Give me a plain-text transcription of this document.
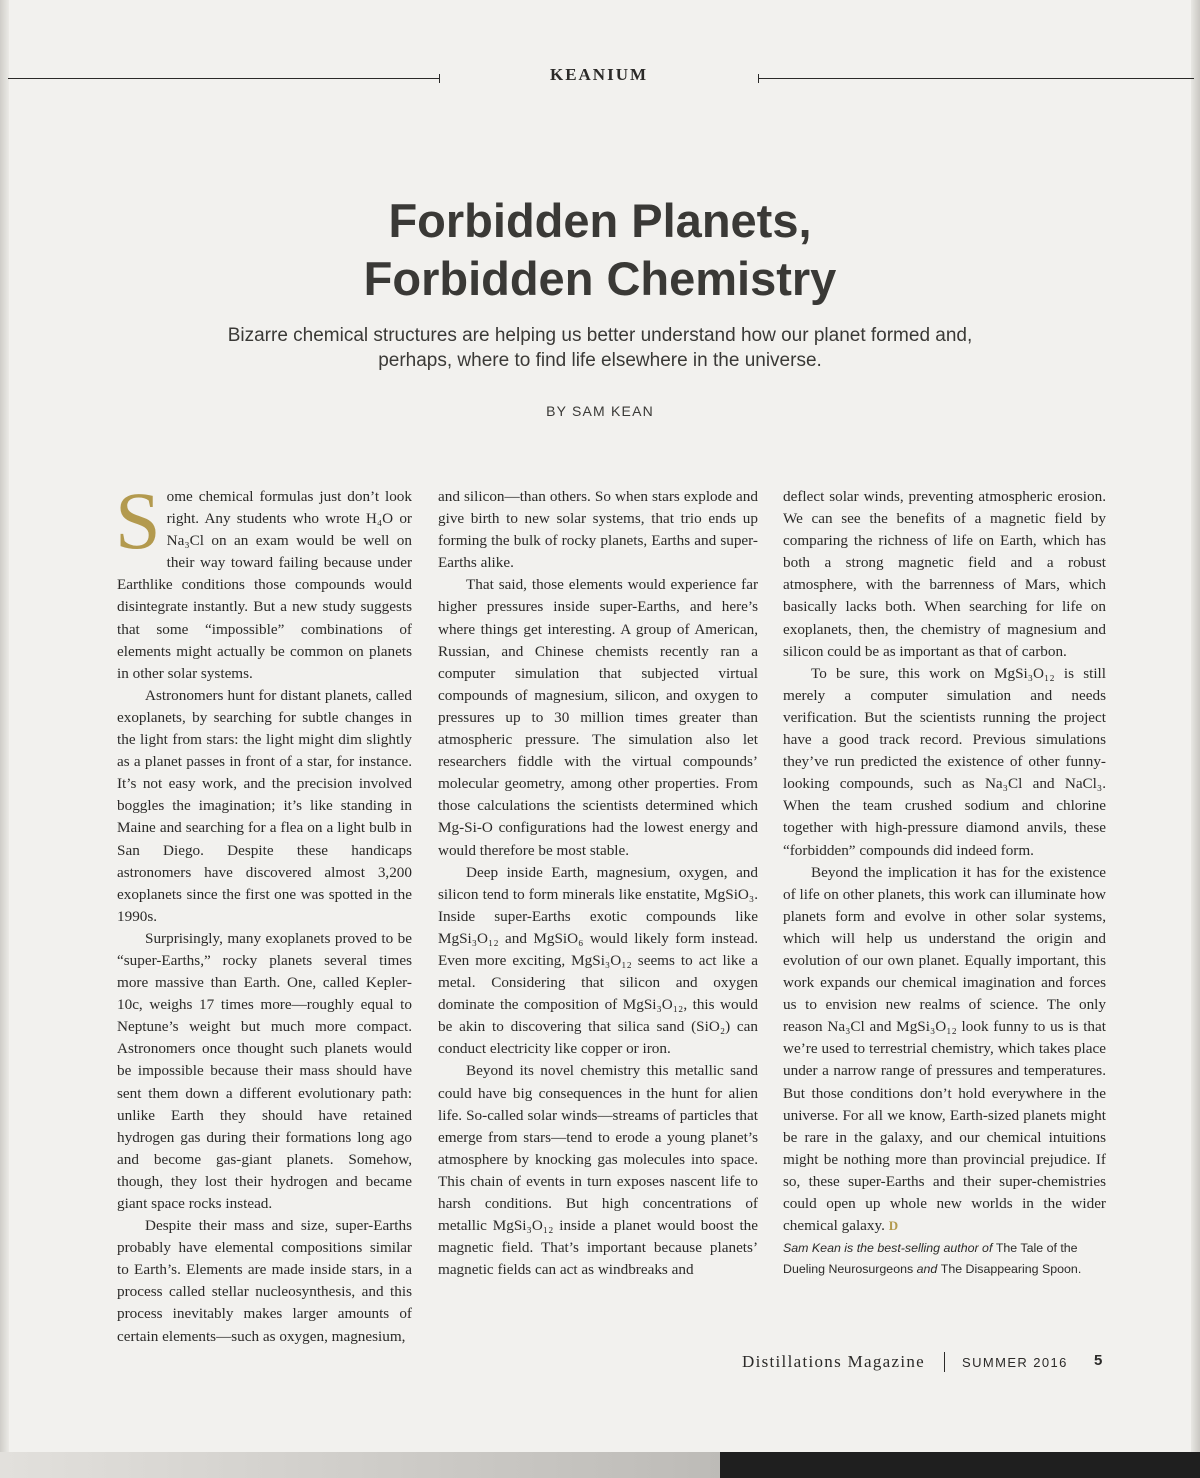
KEANIUM
Forbidden Planets,
Forbidden Chemistry

Bizarre chemical structures are helping us better understand how our planet formed and, perhaps, where to find life elsewhere in the universe.

BY SAM KEAN

Some chemical formulas just don’t look right. Any students who wrote H₄O or Na₃Cl on an exam would be well on their way toward failing because under Earthlike conditions those compounds would disintegrate instantly. But a new study suggests that some “impossible” combinations of elements might actually be common on planets in other solar systems.

Astronomers hunt for distant planets, called exoplanets, by searching for subtle changes in the light from stars: the light might dim slightly as a planet passes in front of a star, for instance. It’s not easy work, and the precision involved boggles the imagination; it’s like standing in Maine and searching for a flea on a light bulb in San Diego. Despite these handicaps astronomers have discovered almost 3,200 exoplanets since the first one was spotted in the 1990s.

Surprisingly, many exoplanets proved to be “super-Earths,” rocky planets several times more massive than Earth. One, called Kepler-10c, weighs 17 times more—roughly equal to Neptune’s weight but much more compact. Astronomers once thought such planets would be impossible because their mass should have sent them down a different evolutionary path: unlike Earth they should have retained hydrogen gas during their formations long ago and become gas-giant planets. Somehow, though, they lost their hydrogen and became giant space rocks instead.

Despite their mass and size, super-Earths probably have elemental compositions similar to Earth’s. Elements are made inside stars, in a process called stellar nucleosynthesis, and this process inevitably makes larger amounts of certain elements—such as oxygen, magnesium,

and silicon—than others. So when stars explode and give birth to new solar systems, that trio ends up forming the bulk of rocky planets, Earths and super-Earths alike.

That said, those elements would experience far higher pressures inside super-Earths, and here’s where things get interesting. A group of American, Russian, and Chinese chemists recently ran a computer simulation that subjected virtual compounds of magnesium, silicon, and oxygen to pressures up to 30 million times greater than atmospheric pressure. The simulation also let researchers fiddle with the virtual compounds’ molecular geometry, among other properties. From those calculations the scientists determined which Mg-Si-O configurations had the lowest energy and would therefore be most stable.

Deep inside Earth, magnesium, oxygen, and silicon tend to form minerals like enstatite, MgSiO₃. Inside super-Earths exotic compounds like MgSi₃O₁₂ and MgSiO₆ would likely form instead. Even more exciting, MgSi₃O₁₂ seems to act like a metal. Considering that silicon and oxygen dominate the composition of MgSi₃O₁₂, this would be akin to discovering that silica sand (SiO₂) can conduct electricity like copper or iron.

Beyond its novel chemistry this metallic sand could have big consequences in the hunt for alien life. So-called solar winds—streams of particles that emerge from stars—tend to erode a young planet’s atmosphere by knocking gas molecules into space. This chain of events in turn exposes nascent life to harsh conditions. But high concentrations of metallic MgSi₃O₁₂ inside a planet would boost the magnetic field. That’s important because planets’ magnetic fields can act as windbreaks and

deflect solar winds, preventing atmospheric erosion. We can see the benefits of a magnetic field by comparing the richness of life on Earth, which has both a strong magnetic field and a robust atmosphere, with the barrenness of Mars, which basically lacks both. When searching for life on exoplanets, then, the chemistry of magnesium and silicon could be as important as that of carbon.

To be sure, this work on MgSi₃O₁₂ is still merely a computer simulation and needs verification. But the scientists running the project have a good track record. Previous simulations they’ve run predicted the existence of other funny-looking compounds, such as Na₃Cl and NaCl₃. When the team crushed sodium and chlorine together with high-pressure diamond anvils, these “forbidden” compounds did indeed form.

Beyond the implication it has for the existence of life on other planets, this work can illuminate how planets form and evolve in other solar systems, which will help us understand the origin and evolution of our own planet. Equally important, this work expands our chemical imagination and forces us to envision new realms of science. The only reason Na₃Cl and MgSi₃O₁₂ look funny to us is that we’re used to terrestrial chemistry, which takes place under a narrow range of pressures and temperatures. But those conditions don’t hold everywhere in the universe. For all we know, Earth-sized planets might be rare in the galaxy, and our chemical intuitions might be nothing more than provincial prejudice. If so, these super-Earths and their super-chemistries could open up whole new worlds in the wider chemical galaxy. D

Sam Kean is the best-selling author of The Tale of the Dueling Neurosurgeons and The Disappearing Spoon.
Distillations Magazine	SUMMER 2016 5
